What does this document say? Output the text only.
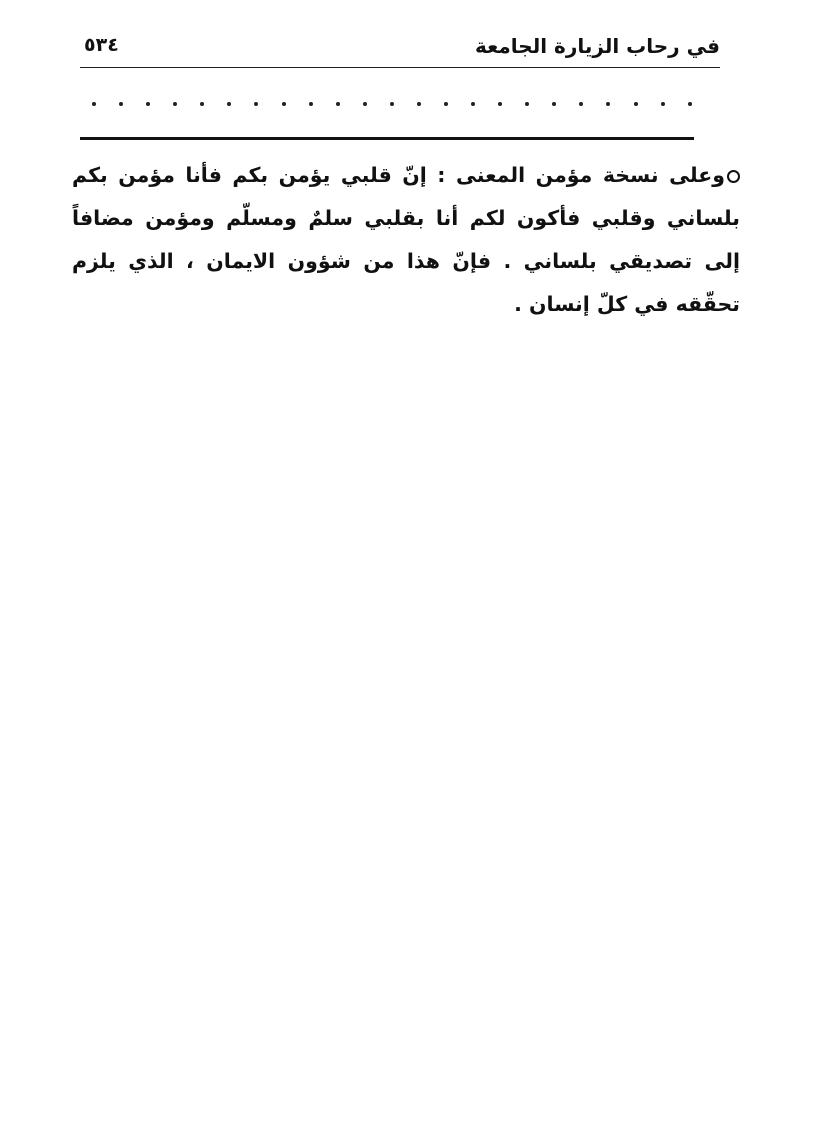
في رحاب الزيارة الجامعة
٥٣٤
وعلى نسخة مؤمن المعنى : إنّ قلبي يؤمن بكم فأنا مؤمن بكم بلساني وقلبي فأكون لكم أنا بقلبي سلمٌ ومسلّم ومؤمن مضافاً إلى تصديقي بلساني . فإنّ هذا من شؤون الايمان ، الذي يلزم تحقّقه في كلّ إنسان .
